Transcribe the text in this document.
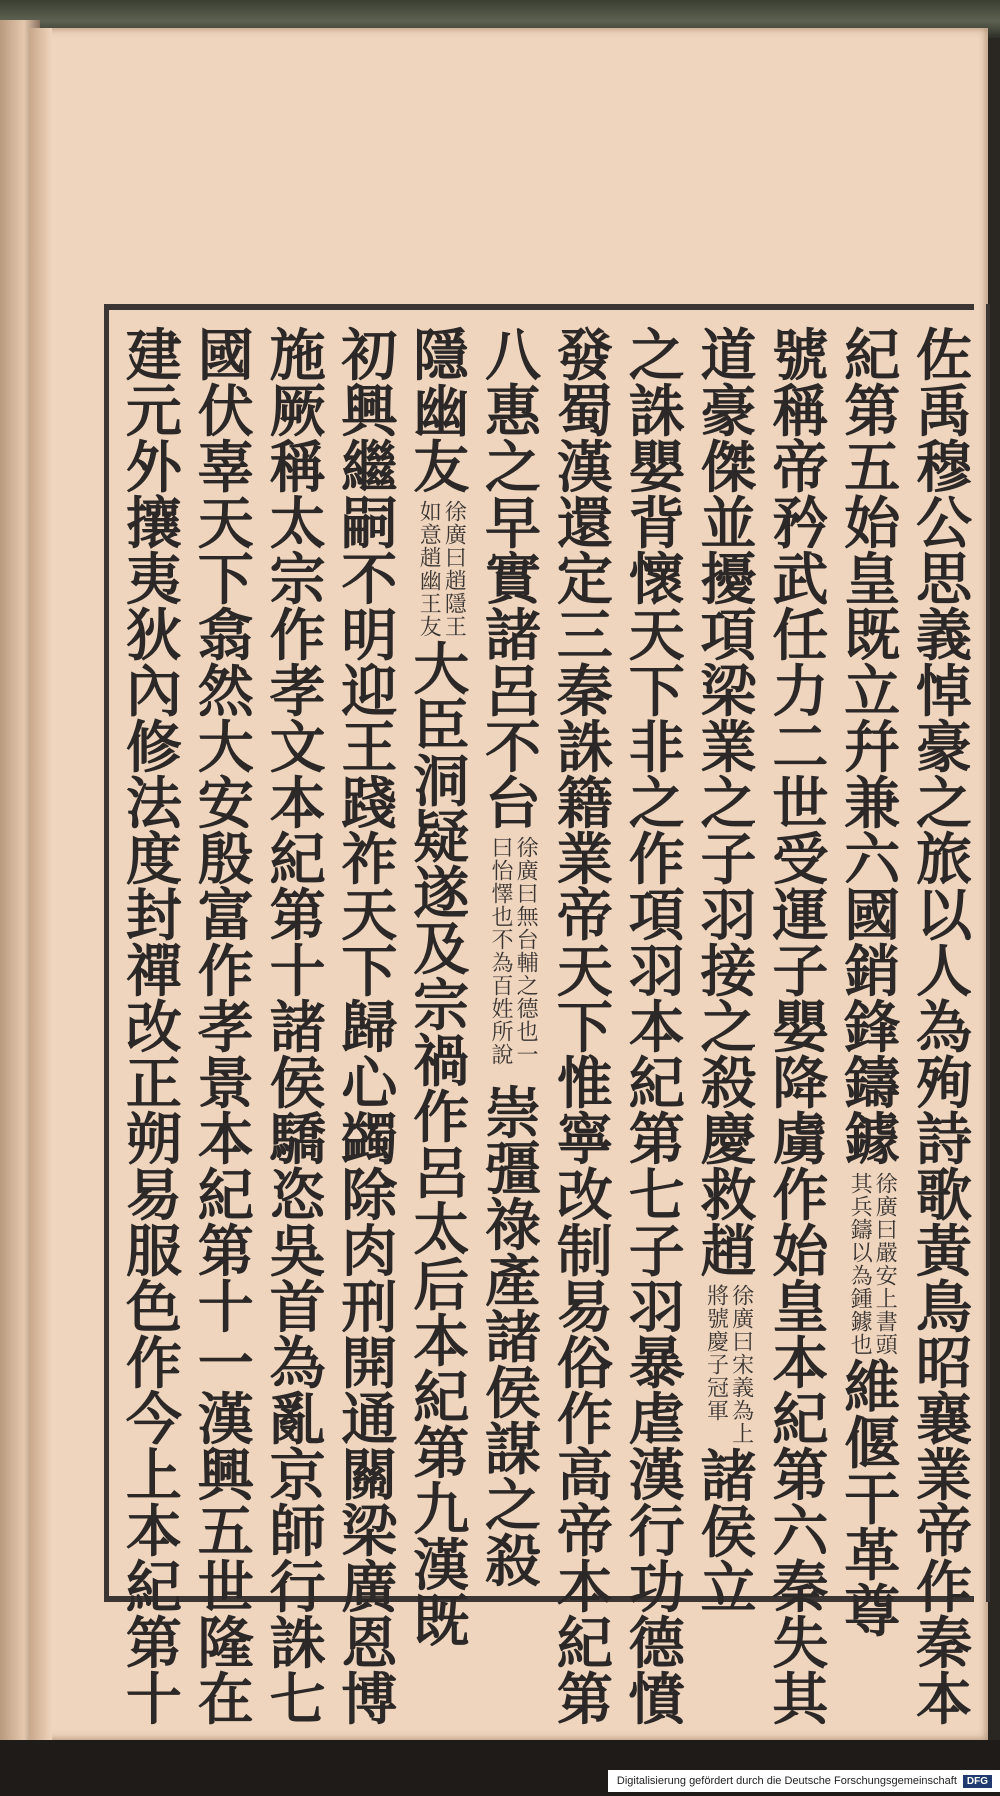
佐
禹
穆
公
思
義
悼
豪
之
旅
以
人
為
殉
詩
歌
黃
鳥
昭
襄
業
帝
作
秦
本
紀
第
五
始
皇
既
立
幷
兼
六
國
銷
鋒
鑄
鐻
徐廣曰嚴安上書頭
其兵鑄以為鍾鐻也
維
偃
干
革
尊
號
稱
帝
矜
武
任
力
二
世
受
運
子
嬰
降
虜
作
始
皇
本
紀
第
六
秦
失
其
道
豪
傑
並
擾
項
梁
業
之
子
羽
接
之
殺
慶
救
趙
徐廣曰宋義為上
將號慶子冠軍
諸
侯
立
之
誅
嬰
背
懷
天
下
非
之
作
項
羽
本
紀
第
七
子
羽
暴
虐
漢
行
功
德
憤
發
蜀
漢
還
定
三
秦
誅
籍
業
帝
天
下
惟
寧
改
制
易
俗
作
高
帝
本
紀
第
八
惠
之
早
實
諸
呂
不
台
徐廣曰無台輔之德也一
曰怡懌也不為百姓所說
崇
彊
祿
產
諸
侯
謀
之
殺
隱
幽
友
徐廣曰趙隱王
如意趙幽王友
大
臣
洞
疑
遂
及
宗
禍
作
呂
太
后
本
紀
第
九
漢
既
初
興
繼
嗣
不
明
迎
王
踐
祚
天
下
歸
心
蠲
除
肉
刑
開
通
關
梁
廣
恩
博
施
厥
稱
太
宗
作
孝
文
本
紀
第
十
諸
侯
驕
恣
吳
首
為
亂
京
師
行
誅
七
國
伏
辜
天
下
翕
然
大
安
殷
富
作
孝
景
本
紀
第
十
一
漢
興
五
世
隆
在
建
元
外
攘
夷
狄
內
修
法
度
封
禪
改
正
朔
易
服
色
作
今
上
本
紀
第
十
Digitalisierung gefördert durch die Deutsche Forschungsgemeinschaft	DFG
